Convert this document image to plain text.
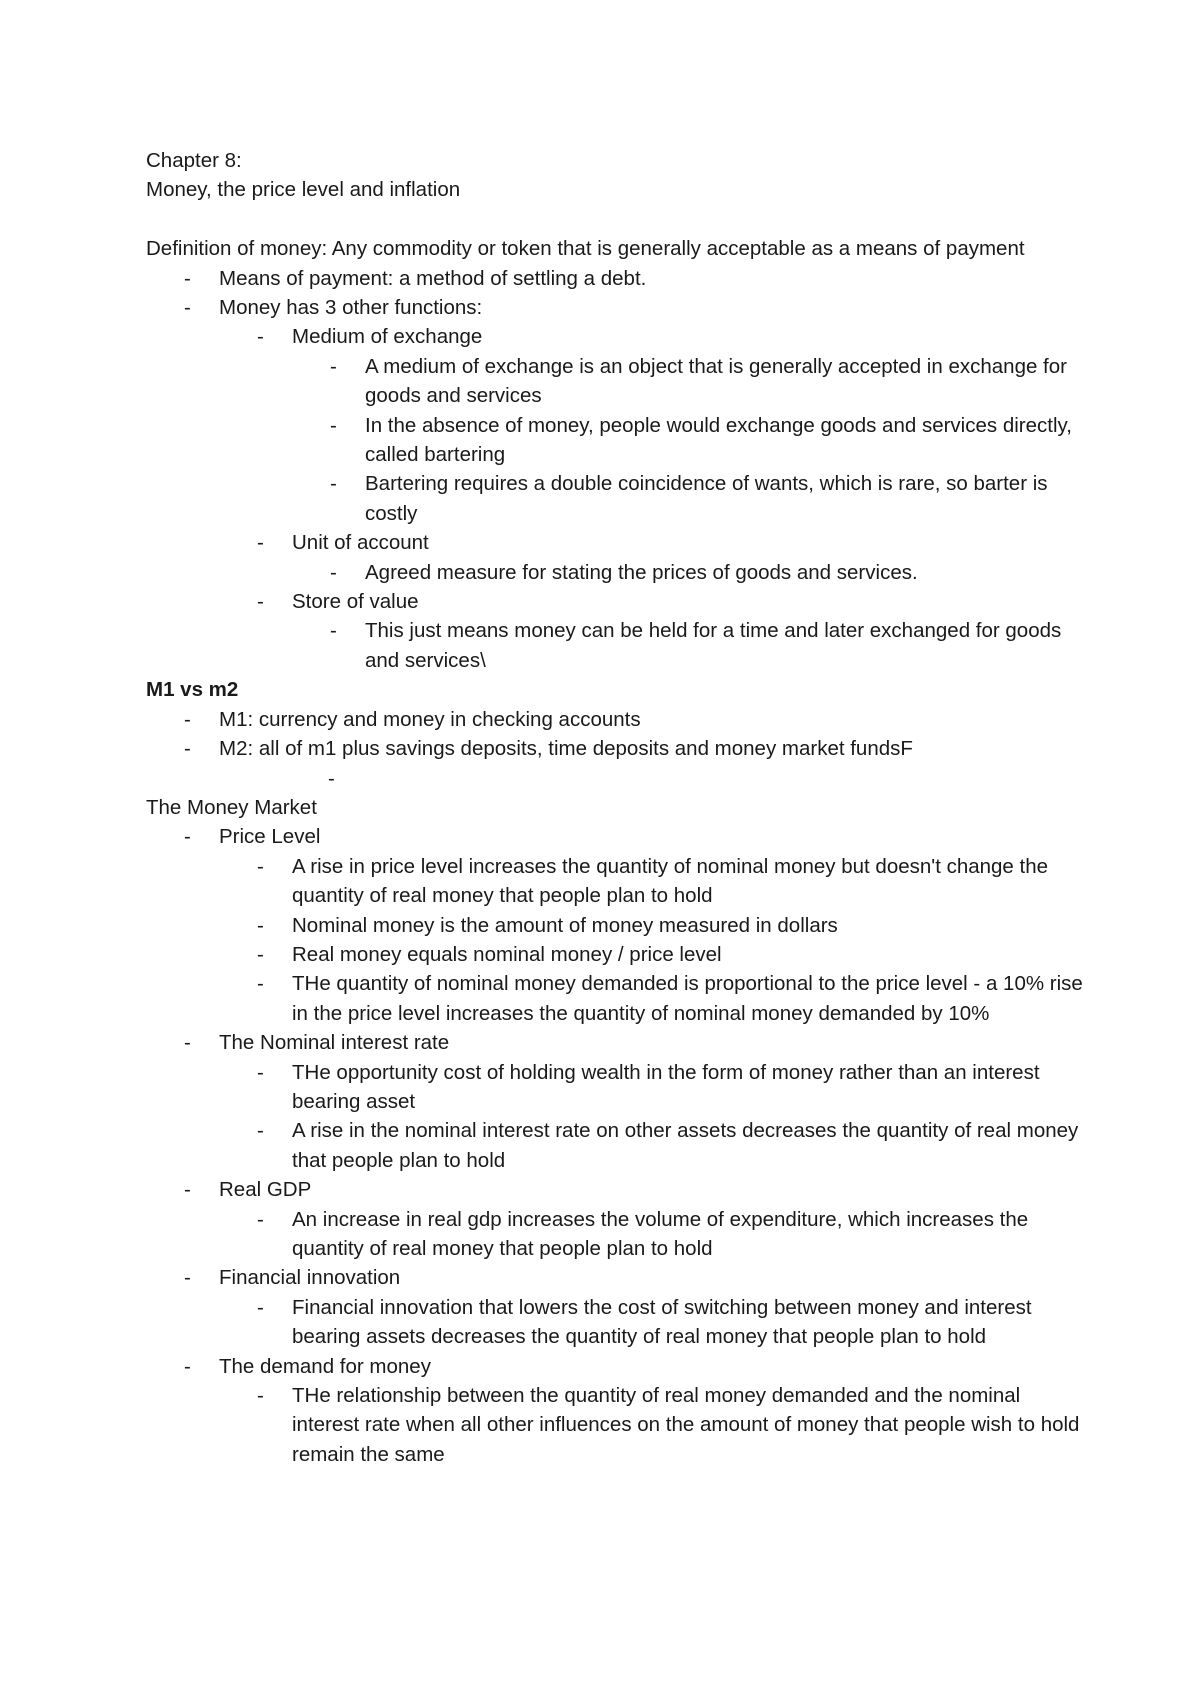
Chapter 8:

Money, the price level and inflation

Definition of money: Any commodity or token that is generally acceptable as a means of payment

- Means of payment: a method of settling a debt.
- Money has 3 other functions:
- Medium of exchange
- A medium of exchange is an object that is generally accepted in exchange for goods and services
- In the absence of money, people would exchange goods and services directly, called bartering
- Bartering requires a double coincidence of wants, which is rare, so barter is costly
- Unit of account
- Agreed measure for stating the prices of goods and services.
- Store of value
- This just means money can be held for a time and later exchanged for goods and services\

M1 vs m2

- M1: currency and money in checking accounts
- M2: all of m1 plus savings deposits, time deposits and money market fundsF
-

The Money Market

- Price Level
- A rise in price level increases the quantity of nominal money but doesn't change the quantity of real money that people plan to hold
- Nominal money is the amount of money measured in dollars
- Real money equals nominal money / price level
- THe quantity of nominal money demanded is proportional to the price level - a 10% rise in the price level increases the quantity of nominal money demanded by 10%
- The Nominal interest rate
- THe opportunity cost of holding wealth in the form of money rather than an interest bearing asset
- A rise in the nominal interest rate on other assets decreases the quantity of real money that people plan to hold
- Real GDP
- An increase in real gdp increases the volume of expenditure, which increases the quantity of real money that people plan to hold
- Financial innovation
- Financial innovation that lowers the cost of switching between money and interest bearing assets decreases the quantity of real money that people plan to hold
- The demand for money
- THe relationship between the quantity of real money demanded and the nominal interest rate when all other influences on the amount of money that people wish to hold remain the same
